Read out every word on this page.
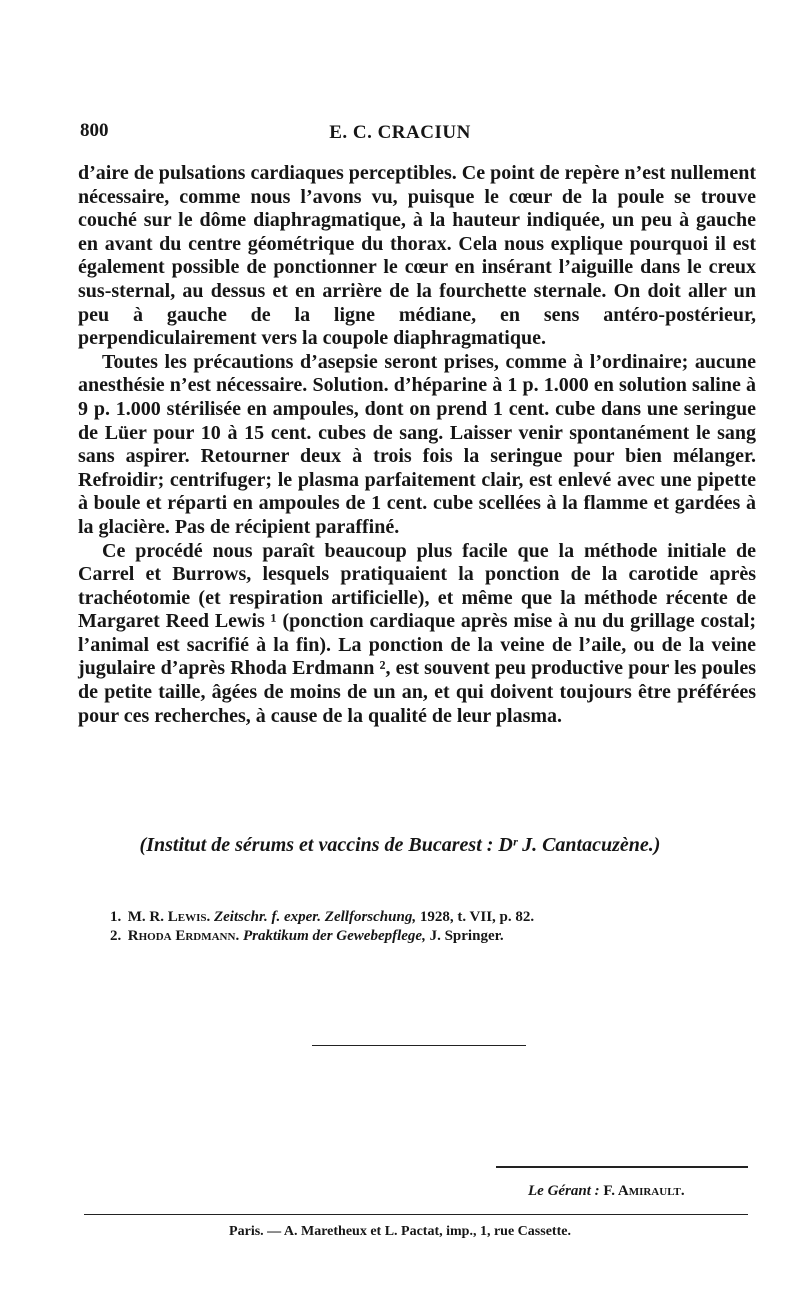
800	E. C. CRACIUN

d’aire de pulsations cardiaques perceptibles. Ce point de repère n’est nullement nécessaire, comme nous l’avons vu, puisque le cœur de la poule se trouve couché sur le dôme diaphragmatique, à la hauteur indiquée, un peu à gauche en avant du centre géométrique du thorax. Cela nous explique pourquoi il est également possible de ponctionner le cœur en insérant l’aiguille dans le creux sus-sternal, au dessus et en arrière de la fourchette sternale. On doit aller un peu à gauche de la ligne médiane, en sens antéro-postérieur, perpendiculairement vers la coupole diaphragmatique.

Toutes les précautions d’asepsie seront prises, comme à l’ordinaire; aucune anesthésie n’est nécessaire. Solution. d’héparine à 1 p. 1.000 en solution saline à 9 p. 1.000 stérilisée en ampoules, dont on prend 1 cent. cube dans une seringue de Lüer pour 10 à 15 cent. cubes de sang. Laisser venir spontanément le sang sans aspirer. Retourner deux à trois fois la seringue pour bien mélanger. Refroidir; centrifuger; le plasma parfaitement clair, est enlevé avec une pipette à boule et réparti en ampoules de 1 cent. cube scellées à la flamme et gardées à la glacière. Pas de récipient paraffiné.

Ce procédé nous paraît beaucoup plus facile que la méthode initiale de Carrel et Burrows, lesquels pratiquaient la ponction de la carotide après trachéotomie (et respiration artificielle), et même que la méthode récente de Margaret Reed Lewis ¹ (ponction cardiaque après mise à nu du grillage costal; l’animal est sacrifié à la fin). La ponction de la veine de l’aile, ou de la veine jugulaire d’après Rhoda Erdmann ², est souvent peu productive pour les poules de petite taille, âgées de moins de un an, et qui doivent toujours être préférées pour ces recherches, à cause de la qualité de leur plasma.

(Institut de sérums et vaccins de Bucarest : Dʳ J. Cantacuzène.)
1. M. R. Lewis. Zeitschr. f. exper. Zellforschung, 1928, t. VII, p. 82.
2. Rhoda Erdmann. Praktikum der Gewebepflege, J. Springer.
Le Gérant : F. Amirault.
Paris. — A. Maretheux et L. Pactat, imp., 1, rue Cassette.
